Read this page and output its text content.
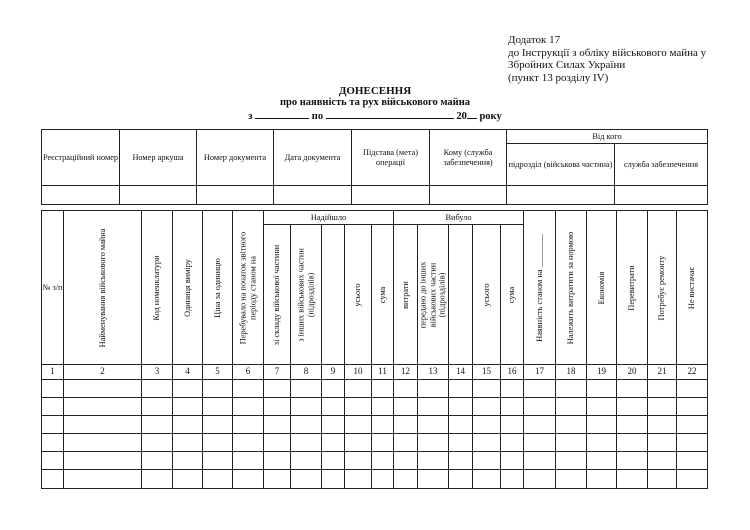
Додаток 17
до Інструкції з обліку військового майна у
Збройних Силах України
(пункт 13 розділу IV)
ДОНЕСЕННЯ
про наявність та рух військового майна
з	по	20 року
Реєстраційний номер	Номер аркуша	Номер документа	Дата документа	Підстава (мета) операції	Кому (служба забезпечення)	Від кого	
						підрозділ (військова частина)	служба забезпечення

№ з/п	Найменування військового майна	Код номенклатури	Одиниця виміру	Ціна за одиницю	Перебувало на початок звітного періоду станом на	Надійшло					Вибуло					Наявність станом на ________	Належить витратити за нормою	Економія	Перевитрати	Потребує ремонту	Не вистачає

						зі складу військової частини	з інших військових частин (підрозділів)		усього	сума	витрати	передано до інших військових частин (підрозділів)		усього	сума						

1	2	3	4	5	6	7	8	9	10	11	12	13	14	15	16	17	18	19	20	21	22
